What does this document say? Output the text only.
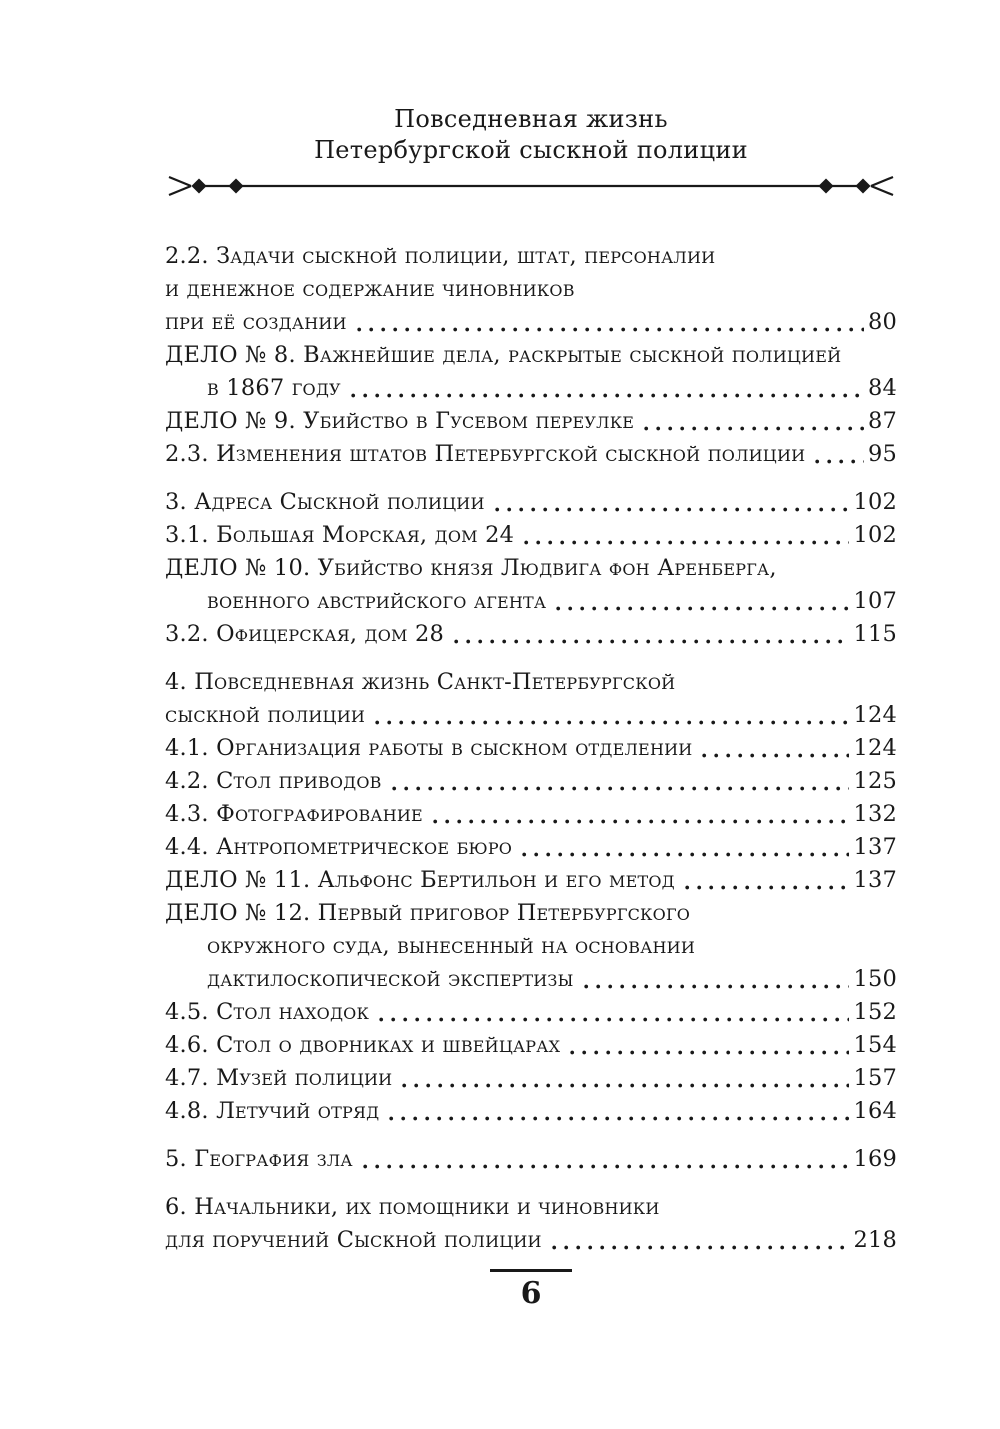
Повседневная жизнь
Петербургской сыскной полиции
2.2. Задачи сыскной полиции, штат, персоналии
и денежное содержание чиновников
при её создании	80
ДЕЛО № 8. Важнейшие дела, раскрытые сыскной полицией
в 1867 году	84
ДЕЛО № 9. Убийство в Гусевом переулке	87
2.3. Изменения штатов Петербургской сыскной полиции	95
3. Адреса Сыскной полиции	102
3.1. Большая Морская, дом 24	102
ДЕЛО № 10. Убийство князя Людвига фон Аренберга,
военного австрийского агента	107
3.2. Офицерская, дом 28	115
4. Повседневная жизнь Санкт-Петербургской
сыскной полиции	124
4.1. Организация работы в сыскном отделении	124
4.2. Стол приводов	125
4.3. Фотографирование	132
4.4. Антропометрическое бюро	137
ДЕЛО № 11. Альфонс Бертильон и его метод	137
ДЕЛО № 12. Первый приговор Петербургского
окружного суда, вынесенный на основании
дактилоскопической экспертизы	150
4.5. Стол находок	152
4.6. Стол о дворниках и швейцарах	154
4.7. Музей полиции	157
4.8. Летучий отряд	164
5. География зла	169
6. Начальники, их помощники и чиновники
для поручений Сыскной полиции	218
6
